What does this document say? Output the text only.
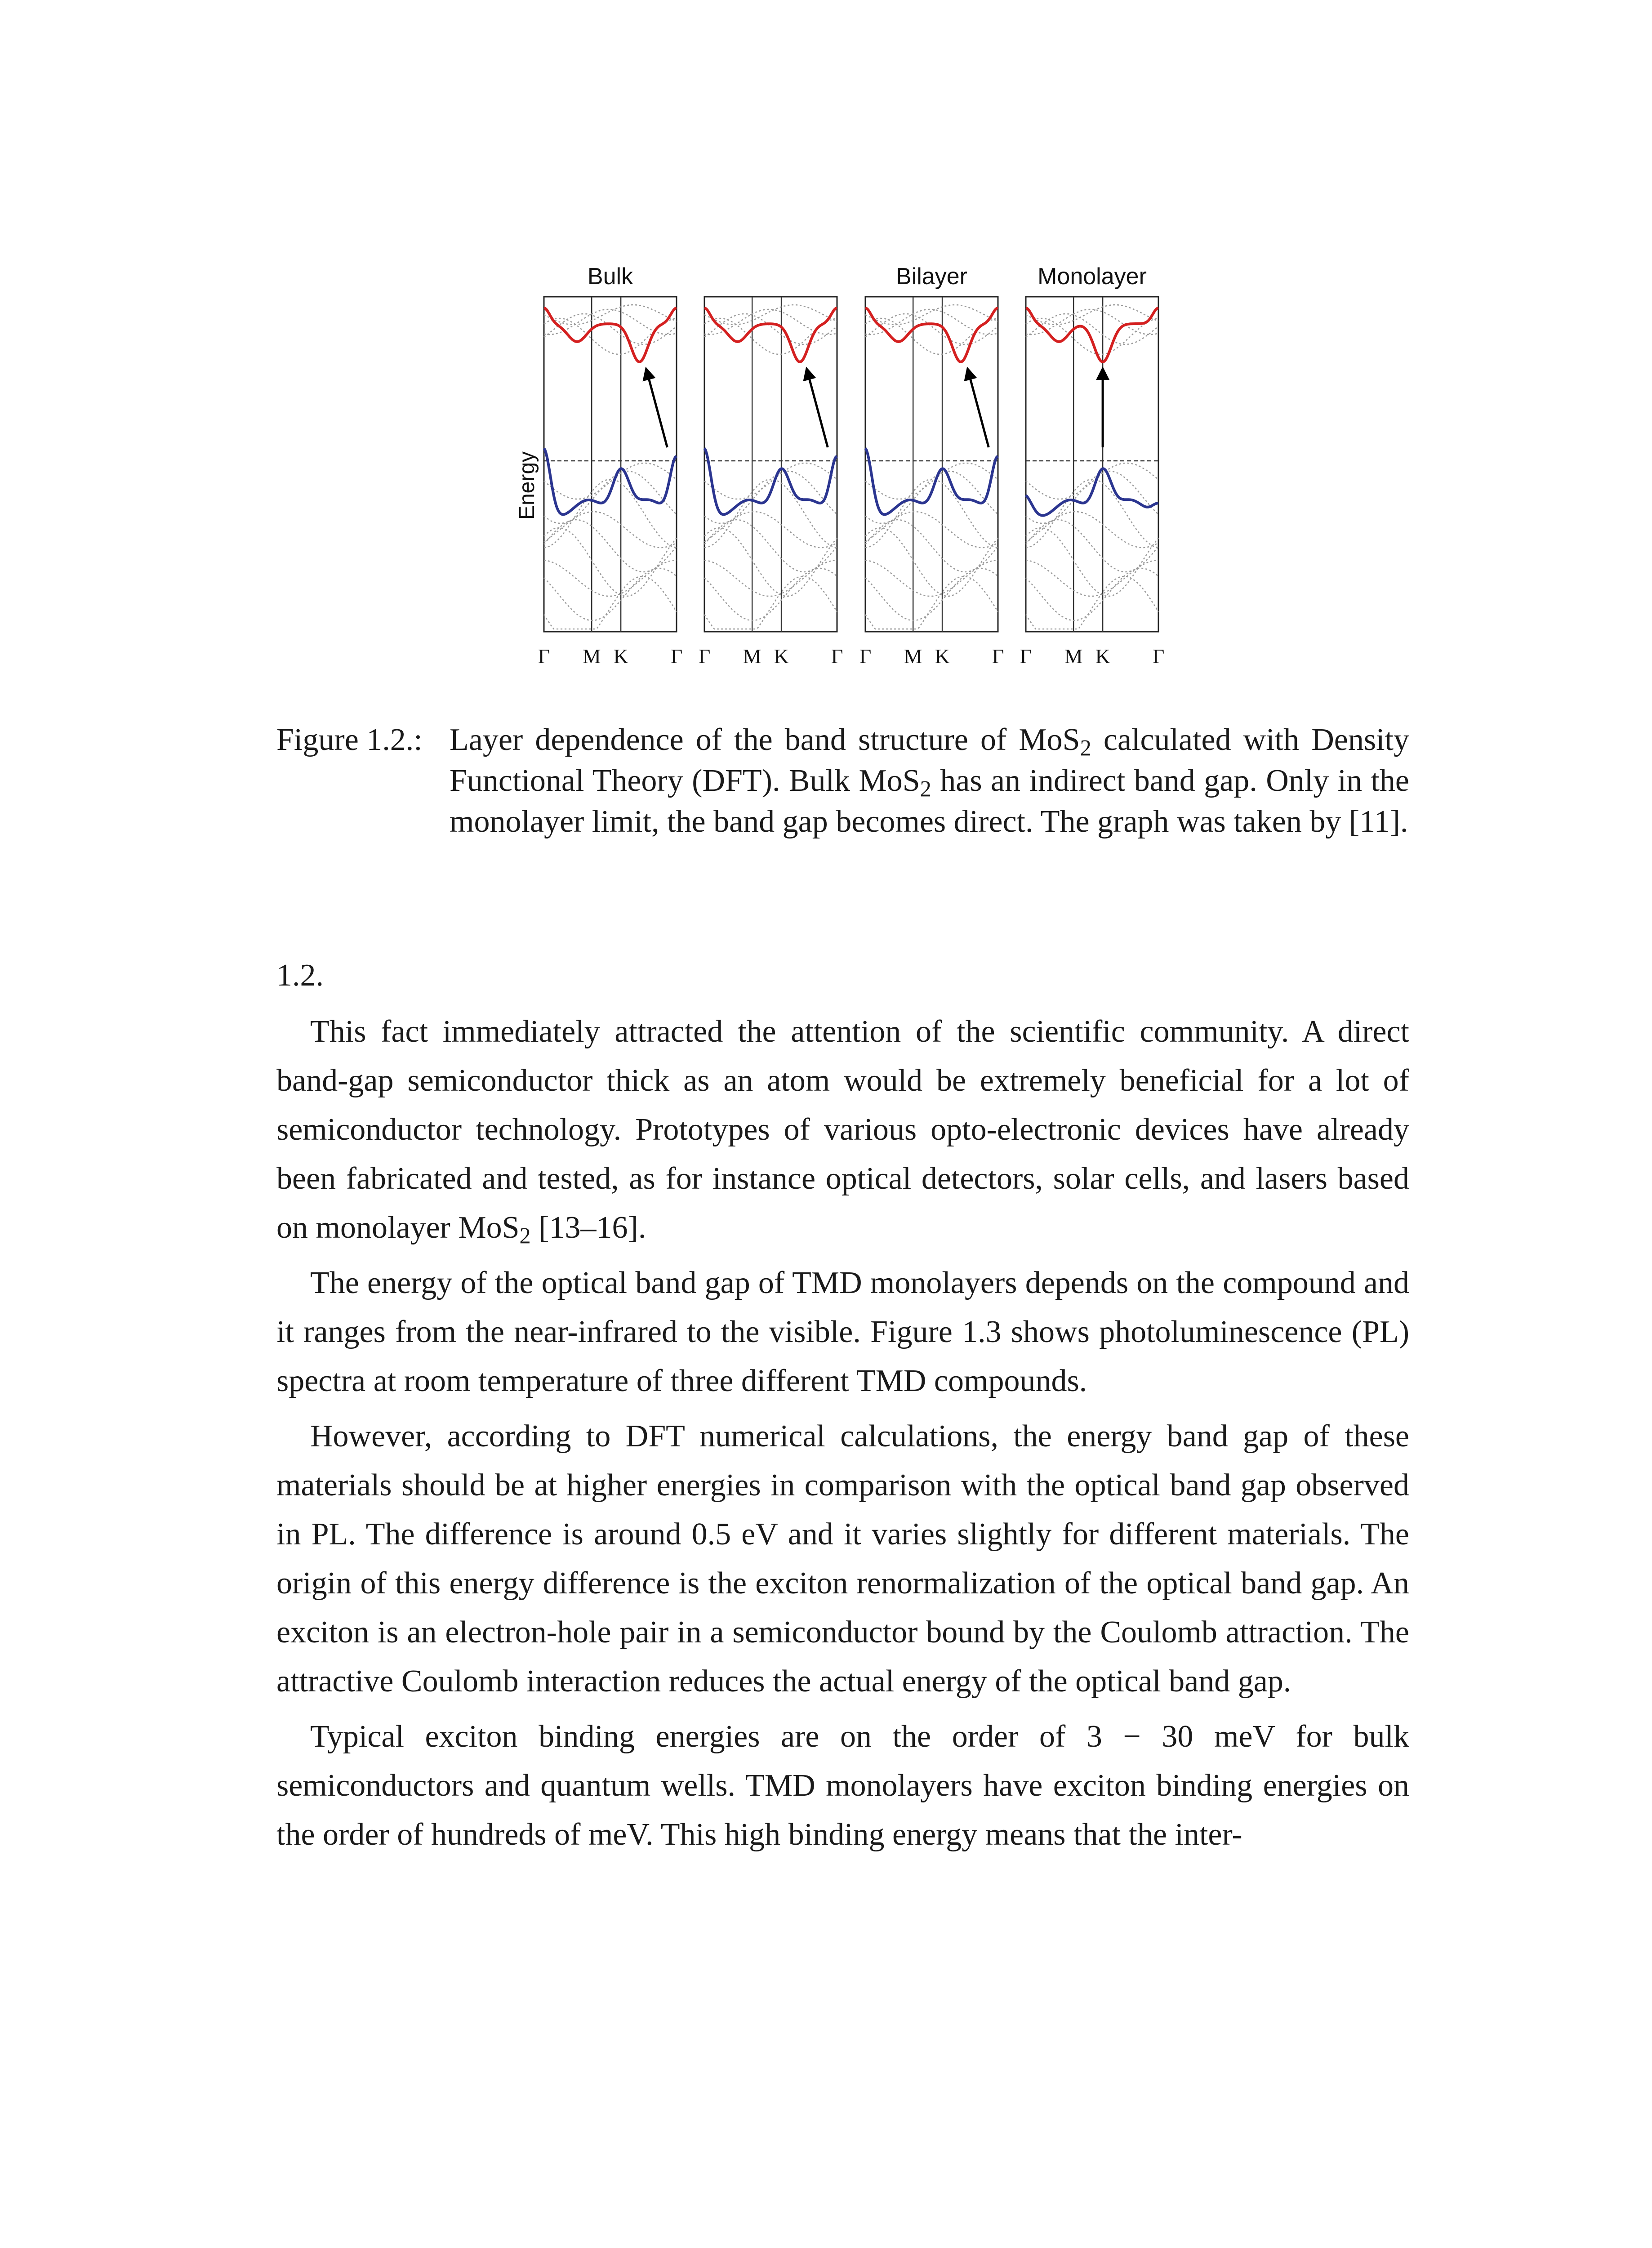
Energy
Bulk
Γ M K Γ Γ M K Γ
Bilayer
Γ M K Γ
Monolayer
Γ M K Γ
Figure 1.2.: Layer dependence of the band structure of MoS$_2$ calculated with Density Functional Theory (DFT). Bulk MoS$_2$ has an indirect band gap. Only in the monolayer limit, the band gap becomes direct. The graph was taken by [11].
1.2.

This fact immediately attracted the attention of the scientific community. A direct band-gap semiconductor thick as an atom would be extremely beneficial for a lot of semiconductor technology. Prototypes of various opto-electronic devices have already been fabricated and tested, as for instance optical detectors, solar cells, and lasers based on monolayer MoS$_2$ [13–16].

The energy of the optical band gap of TMD monolayers depends on the compound and it ranges from the near-infrared to the visible. Figure 1.3 shows photoluminescence (PL) spectra at room temperature of three different TMD compounds.

However, according to DFT numerical calculations, the energy band gap of these materials should be at higher energies in comparison with the optical band gap observed in PL. The difference is around 0.5 eV and it varies slightly for different materials. The origin of this energy difference is the exciton renormalization of the optical band gap. An exciton is an electron-hole pair in a semiconductor bound by the Coulomb attraction. The attractive Coulomb interaction reduces the actual energy of the optical band gap.

Typical exciton binding energies are on the order of 3 − 30 meV for bulk semiconductors and quantum wells. TMD monolayers have exciton binding energies on the order of hundreds of meV. This high binding energy means that the inter-
